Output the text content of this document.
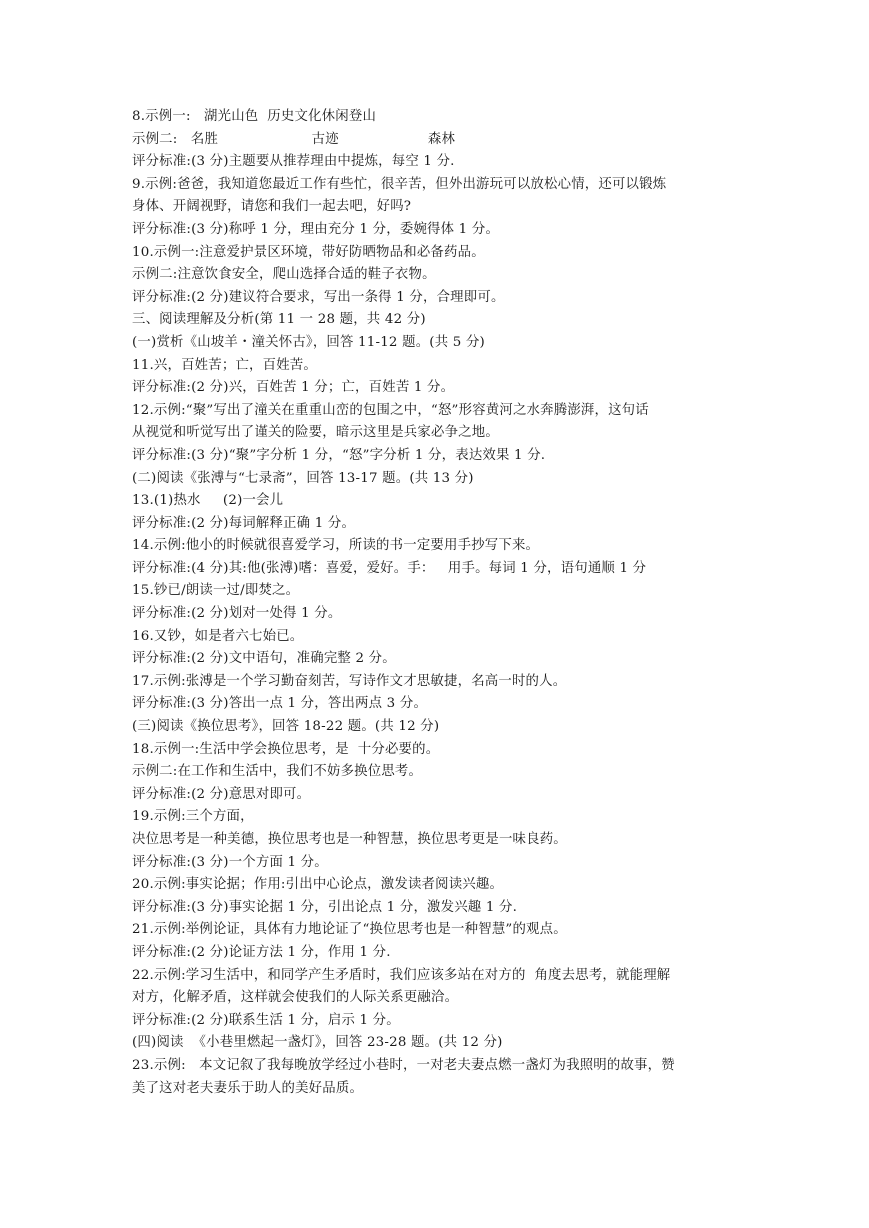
8.示例一:   湖光山色  历史文化休闲登山
示例二:   名胜                     古迹                    森林
评分标准:(3 分)主题要从推荐理由中提炼，每空 1 分.
9.示例:爸爸，我知道您最近工作有些忙，很辛苦，但外出游玩可以放松心情，还可以锻炼
身体、开阔视野，请您和我们一起去吧，好吗?
评分标准:(3 分)称呼 1 分，理由充分 1 分，委婉得体 1 分。
10.示例一:注意爱护景区环境，带好防晒物品和必备药品。
示例二:注意饮食安全，爬山选择合适的鞋子衣物。
评分标准:(2 分)建议符合要求，写出一条得 1 分，合理即可。
三、阅读理解及分析(第 11 一 28 题，共 42 分)
(一)赏析《山坡羊・潼关怀古》，回答 11-12 题。(共 5 分)
11.兴，百姓苦；亡，百姓苦。
评分标准:(2 分)兴，百姓苦 1 分；亡，百姓苦 1 分。
12.示例:“聚”写出了潼关在重重山峦的包围之中，“怒”形容黄河之水奔腾澎湃，这句话
从视觉和听觉写出了谨关的险要，暗示这里是兵家必争之地。
评分标准:(3 分)“聚”字分析 1 分，“怒”字分析 1 分，表达效果 1 分.
(二)阅读《张溥与“七录斋”，回答 13-17 题。(共 13 分)
13.(1)热水     (2)一会儿
评分标准:(2 分)每词解释正确 1 分。
14.示例:他小的时候就很喜爱学习，所读的书一定要用手抄写下来。
评分标准:(4 分)其:他(张溥)嗜：喜爱，爱好。手：   用手。每词 1 分，语句通顺 1 分
15.钞已/朗读一过/即焚之。
评分标准:(2 分)划对一处得 1 分。
16.又钞，如是者六七始已。
评分标准:(2 分)文中语句，准确完整 2 分。
17.示例:张溥是一个学习勤奋刻苦，写诗作文才思敏捷，名高一时的人。
评分标准:(3 分)答出一点 1 分，答出两点 3 分。
(三)阅读《换位思考》，回答 18-22 题。(共 12 分)
18.示例一:生活中学会换位思考，是  十分必要的。
示例二:在工作和生活中，我们不妨多换位思考。
评分标准:(2 分)意思对即可。
19.示例:三个方面，
决位思考是一种美德，换位思考也是一种智慧，换位思考更是一味良药。
评分标准:(3 分)一个方面 1 分。
20.示例:事实论据；作用:引出中心论点，激发读者阅读兴趣。
评分标准:(3 分)事实论据 1 分，引出论点 1 分，激发兴趣 1 分.
21.示例:举例论证，具体有力地论证了“换位思考也是一种智慧”的观点。
评分标准:(2 分)论证方法 1 分，作用 1 分.
22.示例:学习生活中，和同学产生矛盾时，我们应该多站在对方的  角度去思考，就能理解
对方，化解矛盾，这样就会使我们的人际关系更融洽。
评分标准:(2 分)联系生活 1 分，启示 1 分。
(四)阅读  《小巷里燃起一盏灯》，回答 23-28 题。(共 12 分)
23.示例:   本文记叙了我每晚放学经过小巷时，一对老夫妻点燃一盏灯为我照明的故事，赞
美了这对老夫妻乐于助人的美好品质。
